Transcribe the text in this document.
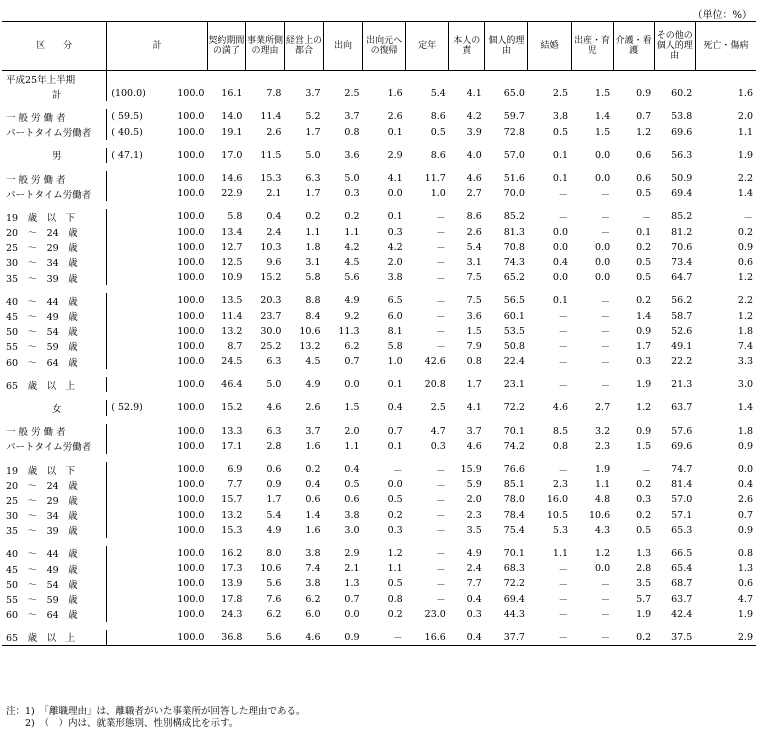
（単位：%）
区　　分	計		契約期間の満了	事業所側の理由	経営上の都合	出向	出向元への復帰	定年	本人の責	個人的理由	結婚	出産・育児	介護・看護	その他の個人的理由	死亡・傷病
平成25年上半期															
計	(100.0)	100.0	16.1	7.8	3.7	2.5	1.6	5.4	4.1	65.0	2.5	1.5	0.9	60.2	1.6

一 般 労 働 者	( 59.5)	100.0	14.0	11.4	5.2	3.7	2.6	8.6	4.2	59.7	3.8	1.4	0.7	53.8	2.0
パートタイム労働者	( 40.5)	100.0	19.1	2.6	1.7	0.8	0.1	0.5	3.9	72.8	0.5	1.5	1.2	69.6	1.1

男	( 47.1)	100.0	17.0	11.5	5.0	3.6	2.9	8.6	4.0	57.0	0.1	0.0	0.6	56.3	1.9

一 般 労 働 者		100.0	14.6	15.3	6.3	5.0	4.1	11.7	4.6	51.6	0.1	0.0	0.6	50.9	2.2
パートタイム労働者		100.0	22.9	2.1	1.7	0.3	0.0	1.0	2.7	70.0	－	－	0.5	69.4	1.4

19　歳　以　下		100.0	5.8	0.4	0.2	0.2	0.1	－	8.6	85.2	－	－	－	85.2	－
20　～　24　歳		100.0	13.4	2.4	1.1	1.1	0.3	－	2.6	81.3	0.0	－	0.1	81.2	0.2
25　～　29　歳		100.0	12.7	10.3	1.8	4.2	4.2	－	5.4	70.8	0.0	0.0	0.2	70.6	0.9
30　～　34　歳		100.0	12.5	9.6	3.1	4.5	2.0	－	3.1	74.3	0.4	0.0	0.5	73.4	0.6
35　～　39　歳		100.0	10.9	15.2	5.8	5.6	3.8	－	7.5	65.2	0.0	0.0	0.5	64.7	1.2

40　～　44　歳		100.0	13.5	20.3	8.8	4.9	6.5	－	7.5	56.5	0.1	－	0.2	56.2	2.2
45　～　49　歳		100.0	11.4	23.7	8.4	9.2	6.0	－	3.6	60.1	－	－	1.4	58.7	1.2
50　～　54　歳		100.0	13.2	30.0	10.6	11.3	8.1	－	1.5	53.5	－	－	0.9	52.6	1.8
55　～　59　歳		100.0	8.7	25.2	13.2	6.2	5.8	－	7.9	50.8	－	－	1.7	49.1	7.4
60　～　64　歳		100.0	24.5	6.3	4.5	0.7	1.0	42.6	0.8	22.4	－	－	0.3	22.2	3.3

65　歳　以　上		100.0	46.4	5.0	4.9	0.0	0.1	20.8	1.7	23.1	－	－	1.9	21.3	3.0

女	( 52.9)	100.0	15.2	4.6	2.6	1.5	0.4	2.5	4.1	72.2	4.6	2.7	1.2	63.7	1.4

一 般 労 働 者		100.0	13.3	6.3	3.7	2.0	0.7	4.7	3.7	70.1	8.5	3.2	0.9	57.6	1.8
パートタイム労働者		100.0	17.1	2.8	1.6	1.1	0.1	0.3	4.6	74.2	0.8	2.3	1.5	69.6	0.9

19　歳　以　下		100.0	6.9	0.6	0.2	0.4	－	－	15.9	76.6	－	1.9	－	74.7	0.0
20　～　24　歳		100.0	7.7	0.9	0.4	0.5	0.0	－	5.9	85.1	2.3	1.1	0.2	81.4	0.4
25　～　29　歳		100.0	15.7	1.7	0.6	0.6	0.5	－	2.0	78.0	16.0	4.8	0.3	57.0	2.6
30　～　34　歳		100.0	13.2	5.4	1.4	3.8	0.2	－	2.3	78.4	10.5	10.6	0.2	57.1	0.7
35　～　39　歳		100.0	15.3	4.9	1.6	3.0	0.3	－	3.5	75.4	5.3	4.3	0.5	65.3	0.9

40　～　44　歳		100.0	16.2	8.0	3.8	2.9	1.2	－	4.9	70.1	1.1	1.2	1.3	66.5	0.8
45　～　49　歳		100.0	17.3	10.6	7.4	2.1	1.1	－	2.4	68.3	－	0.0	2.8	65.4	1.3
50　～　54　歳		100.0	13.9	5.6	3.8	1.3	0.5	－	7.7	72.2	－	－	3.5	68.7	0.6
55　～　59　歳		100.0	17.8	7.6	6.2	0.7	0.8	－	0.4	69.4	－	－	5.7	63.7	4.7
60　～　64　歳		100.0	24.3	6.2	6.0	0.0	0.2	23.0	0.3	44.3	－	－	1.9	42.4	1.9

65　歳　以　上		100.0	36.8	5.6	4.6	0.9	－	16.6	0.4	37.7	－	－	0.2	37.5	2.9
注：1)　「離職理由」は、離職者がいた事業所が回答した理由である。
　　2)　（　）内は、就業形態別、性別構成比を示す。
